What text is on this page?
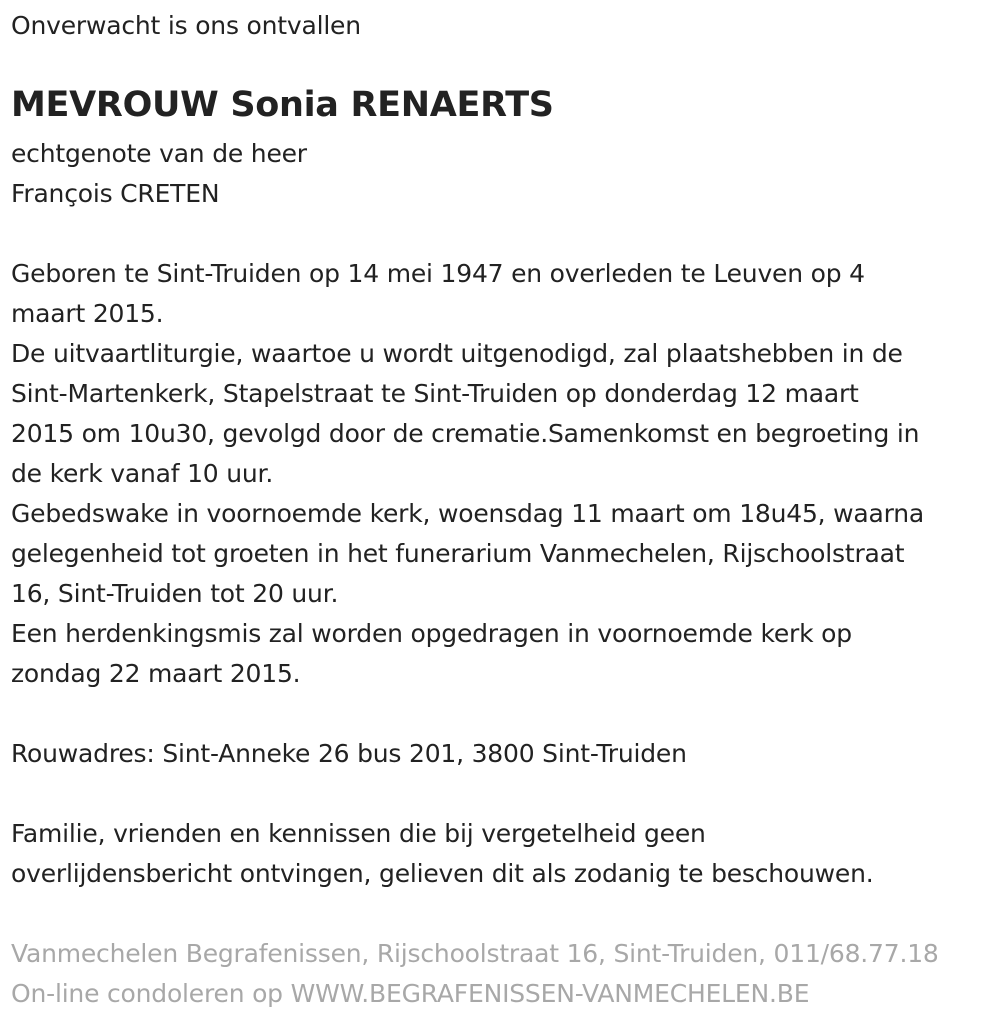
Onverwacht is ons ontvallen
MEVROUW Sonia RENAERTS
echtgenote van de heer
François CRETEN
Geboren te Sint-Truiden op 14 mei 1947 en overleden te Leuven op 4
maart 2015.
De uitvaartliturgie, waartoe u wordt uitgenodigd, zal plaatshebben in de
Sint-Martenkerk, Stapelstraat te Sint-Truiden op donderdag 12 maart
2015 om 10u30, gevolgd door de crematie.Samenkomst en begroeting in
de kerk vanaf 10 uur.
Gebedswake in voornoemde kerk, woensdag 11 maart om 18u45, waarna
gelegenheid tot groeten in het funerarium Vanmechelen, Rijschoolstraat
16, Sint-Truiden tot 20 uur.
Een herdenkingsmis zal worden opgedragen in voornoemde kerk op
zondag 22 maart 2015.
Rouwadres: Sint-Anneke 26 bus 201, 3800 Sint-Truiden
Familie, vrienden en kennissen die bij vergetelheid geen
overlijdensbericht ontvingen, gelieven dit als zodanig te beschouwen.
Vanmechelen Begrafenissen, Rijschoolstraat 16, Sint-Truiden, 011/68.77.18
On-line condoleren op WWW.BEGRAFENISSEN-VANMECHELEN.BE
